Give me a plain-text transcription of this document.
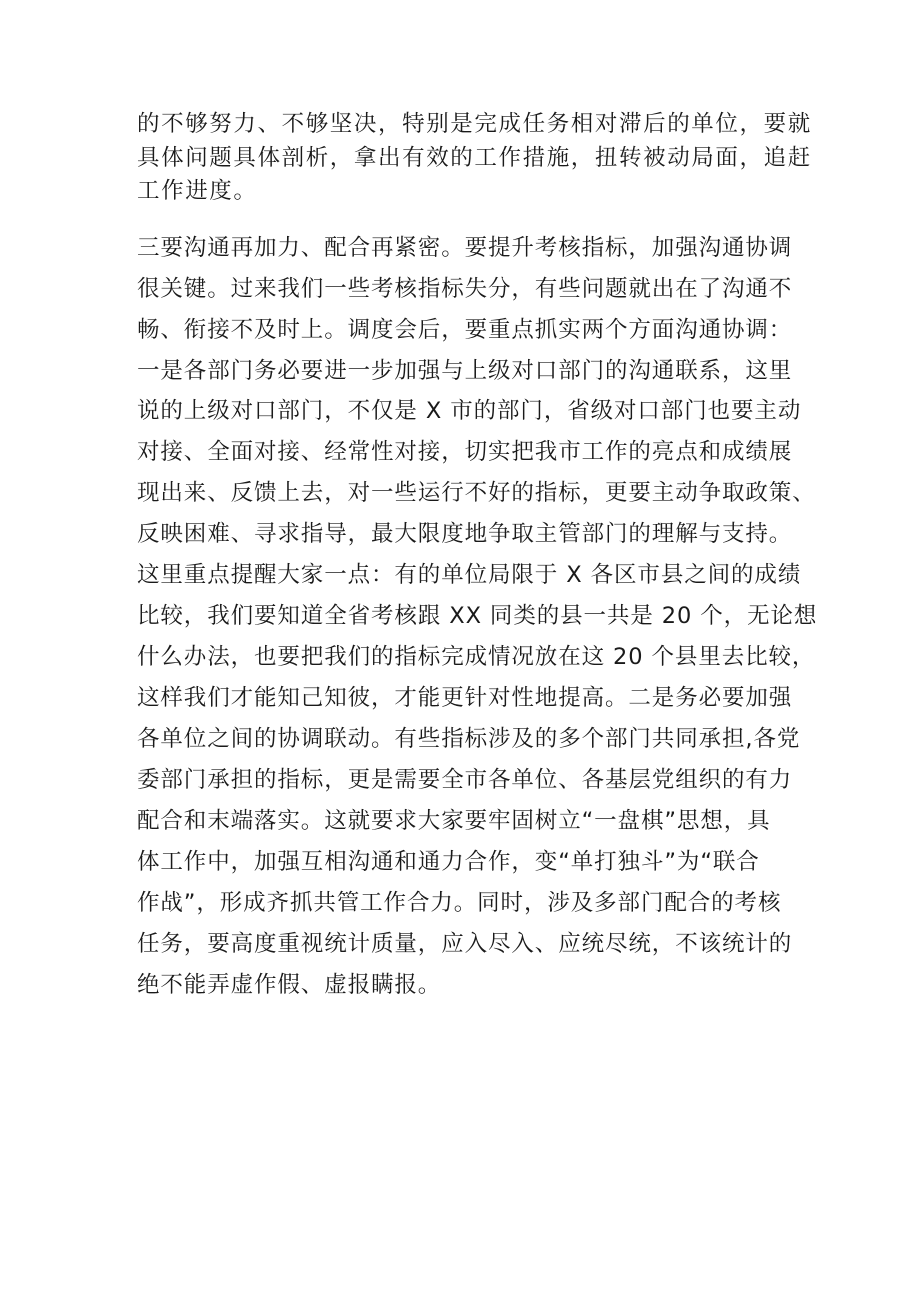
的不够努力、不够坚决，特别是完成任务相对滞后的单位，要就
具体问题具体剖析，拿出有效的工作措施，扭转被动局面，追赶
工作进度。
三要沟通再加力、配合再紧密。要提升考核指标，加强沟通协调
很关键。过来我们一些考核指标失分，有些问题就出在了沟通不
畅、衔接不及时上。调度会后，要重点抓实两个方面沟通协调：
一是各部门务必要进一步加强与上级对口部门的沟通联系，这里
说的上级对口部门，不仅是 X 市的部门，省级对口部门也要主动
对接、全面对接、经常性对接，切实把我市工作的亮点和成绩展
现出来、反馈上去，对一些运行不好的指标，更要主动争取政策、
反映困难、寻求指导，最大限度地争取主管部门的理解与支持。
这里重点提醒大家一点：有的单位局限于 X 各区市县之间的成绩
比较，我们要知道全省考核跟 XX 同类的县一共是 20 个，无论想
什么办法，也要把我们的指标完成情况放在这 20 个县里去比较，
这样我们才能知己知彼，才能更针对性地提高。二是务必要加强
各单位之间的协调联动。有些指标涉及的多个部门共同承担,各党
委部门承担的指标，更是需要全市各单位、各基层党组织的有力
配合和末端落实。这就要求大家要牢固树立“一盘棋”思想，具
体工作中，加强互相沟通和通力合作，变“单打独斗”为“联合
作战”，形成齐抓共管工作合力。同时，涉及多部门配合的考核
任务，要高度重视统计质量，应入尽入、应统尽统，不该统计的
绝不能弄虚作假、虚报瞒报。
